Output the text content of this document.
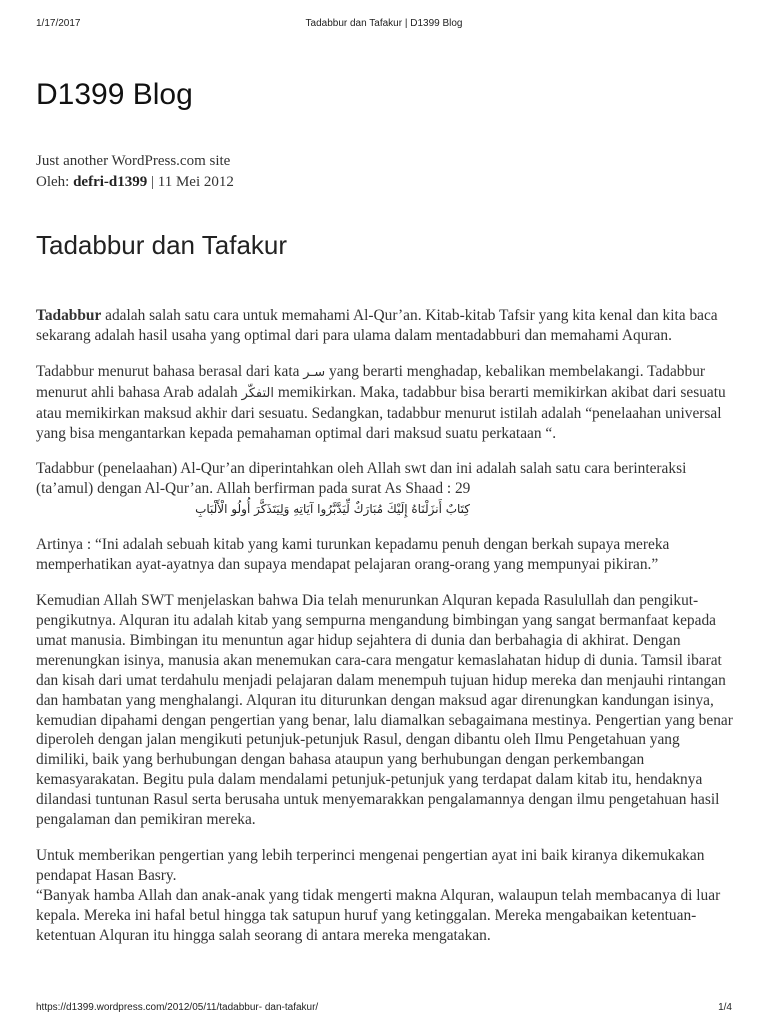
1/17/2017	Tadabbur dan Tafakur | D1399 Blog
D1399 Blog
Just another WordPress.com site
Oleh: defri-d1399 | 11 Mei 2012
Tadabbur dan Tafakur

Tadabbur adalah salah satu cara untuk memahami Al-Qur’an. Kitab-kitab Tafsir yang kita kenal dan kita baca sekarang adalah hasil usaha yang optimal dari para ulama dalam mentadabburi dan memahami Aquran.

Tadabbur menurut bahasa berasal dari kata سـر yang berarti menghadap, kebalikan membelakangi. Tadabbur menurut ahli bahasa Arab adalah التفكّر memikirkan. Maka, tadabbur bisa berarti memikirkan akibat dari sesuatu atau memikirkan maksud akhir dari sesuatu. Sedangkan, tadabbur menurut istilah adalah “penelaahan universal yang bisa mengantarkan kepada pemahaman optimal dari maksud suatu perkataan “.

Tadabbur (penelaahan) Al-Qur’an diperintahkan oleh Allah swt dan ini adalah salah satu cara berinteraksi (ta’amul) dengan Al-Qur’an. Allah berfirman pada surat As Shaad : 29

كِتَابٌ أَنزَلْنَاهُ إِلَيْكَ مُبَارَكٌ لِّيَدَّبَّرُوا آيَاتِهِ وَلِيَتَذَكَّرَ أُولُو الْأَلْبَابِ

Artinya : “Ini adalah sebuah kitab yang kami turunkan kepadamu penuh dengan berkah supaya mereka memperhatikan ayat-ayatnya dan supaya mendapat pelajaran orang-orang yang mempunyai pikiran.”

Kemudian Allah SWT menjelaskan bahwa Dia telah menurunkan Alquran kepada Rasulullah dan pengikut-pengikutnya. Alquran itu adalah kitab yang sempurna mengandung bimbingan yang sangat bermanfaat kepada umat manusia. Bimbingan itu menuntun agar hidup sejahtera di dunia dan berbahagia di akhirat. Dengan merenungkan isinya, manusia akan menemukan cara-cara mengatur kemaslahatan hidup di dunia. Tamsil ibarat dan kisah dari umat terdahulu menjadi pelajaran dalam menempuh tujuan hidup mereka dan menjauhi rintangan dan hambatan yang menghalangi. Alquran itu diturunkan dengan maksud agar direnungkan kandungan isinya, kemudian dipahami dengan pengertian yang benar, lalu diamalkan sebagaimana mestinya. Pengertian yang benar diperoleh dengan jalan mengikuti petunjuk-petunjuk Rasul, dengan dibantu oleh Ilmu Pengetahuan yang dimiliki, baik yang berhubungan dengan bahasa ataupun yang berhubungan dengan perkembangan kemasyarakatan. Begitu pula dalam mendalami petunjuk-petunjuk yang terdapat dalam kitab itu, hendaknya dilandasi tuntunan Rasul serta berusaha untuk menyemarakkan pengalamannya dengan ilmu pengetahuan hasil pengalaman dan pemikiran mereka.

Untuk memberikan pengertian yang lebih terperinci mengenai pengertian ayat ini baik kiranya dikemukakan pendapat Hasan Basry.

“Banyak hamba Allah dan anak-anak yang tidak mengerti makna Alquran, walaupun telah membacanya di luar kepala. Mereka ini hafal betul hingga tak satupun huruf yang ketinggalan. Mereka mengabaikan ketentuan-ketentuan Alquran itu hingga salah seorang di antara mereka mengatakan.

https://d1399.wordpress.com/2012/05/11/tadabbur- dan-tafakur/	1/4
